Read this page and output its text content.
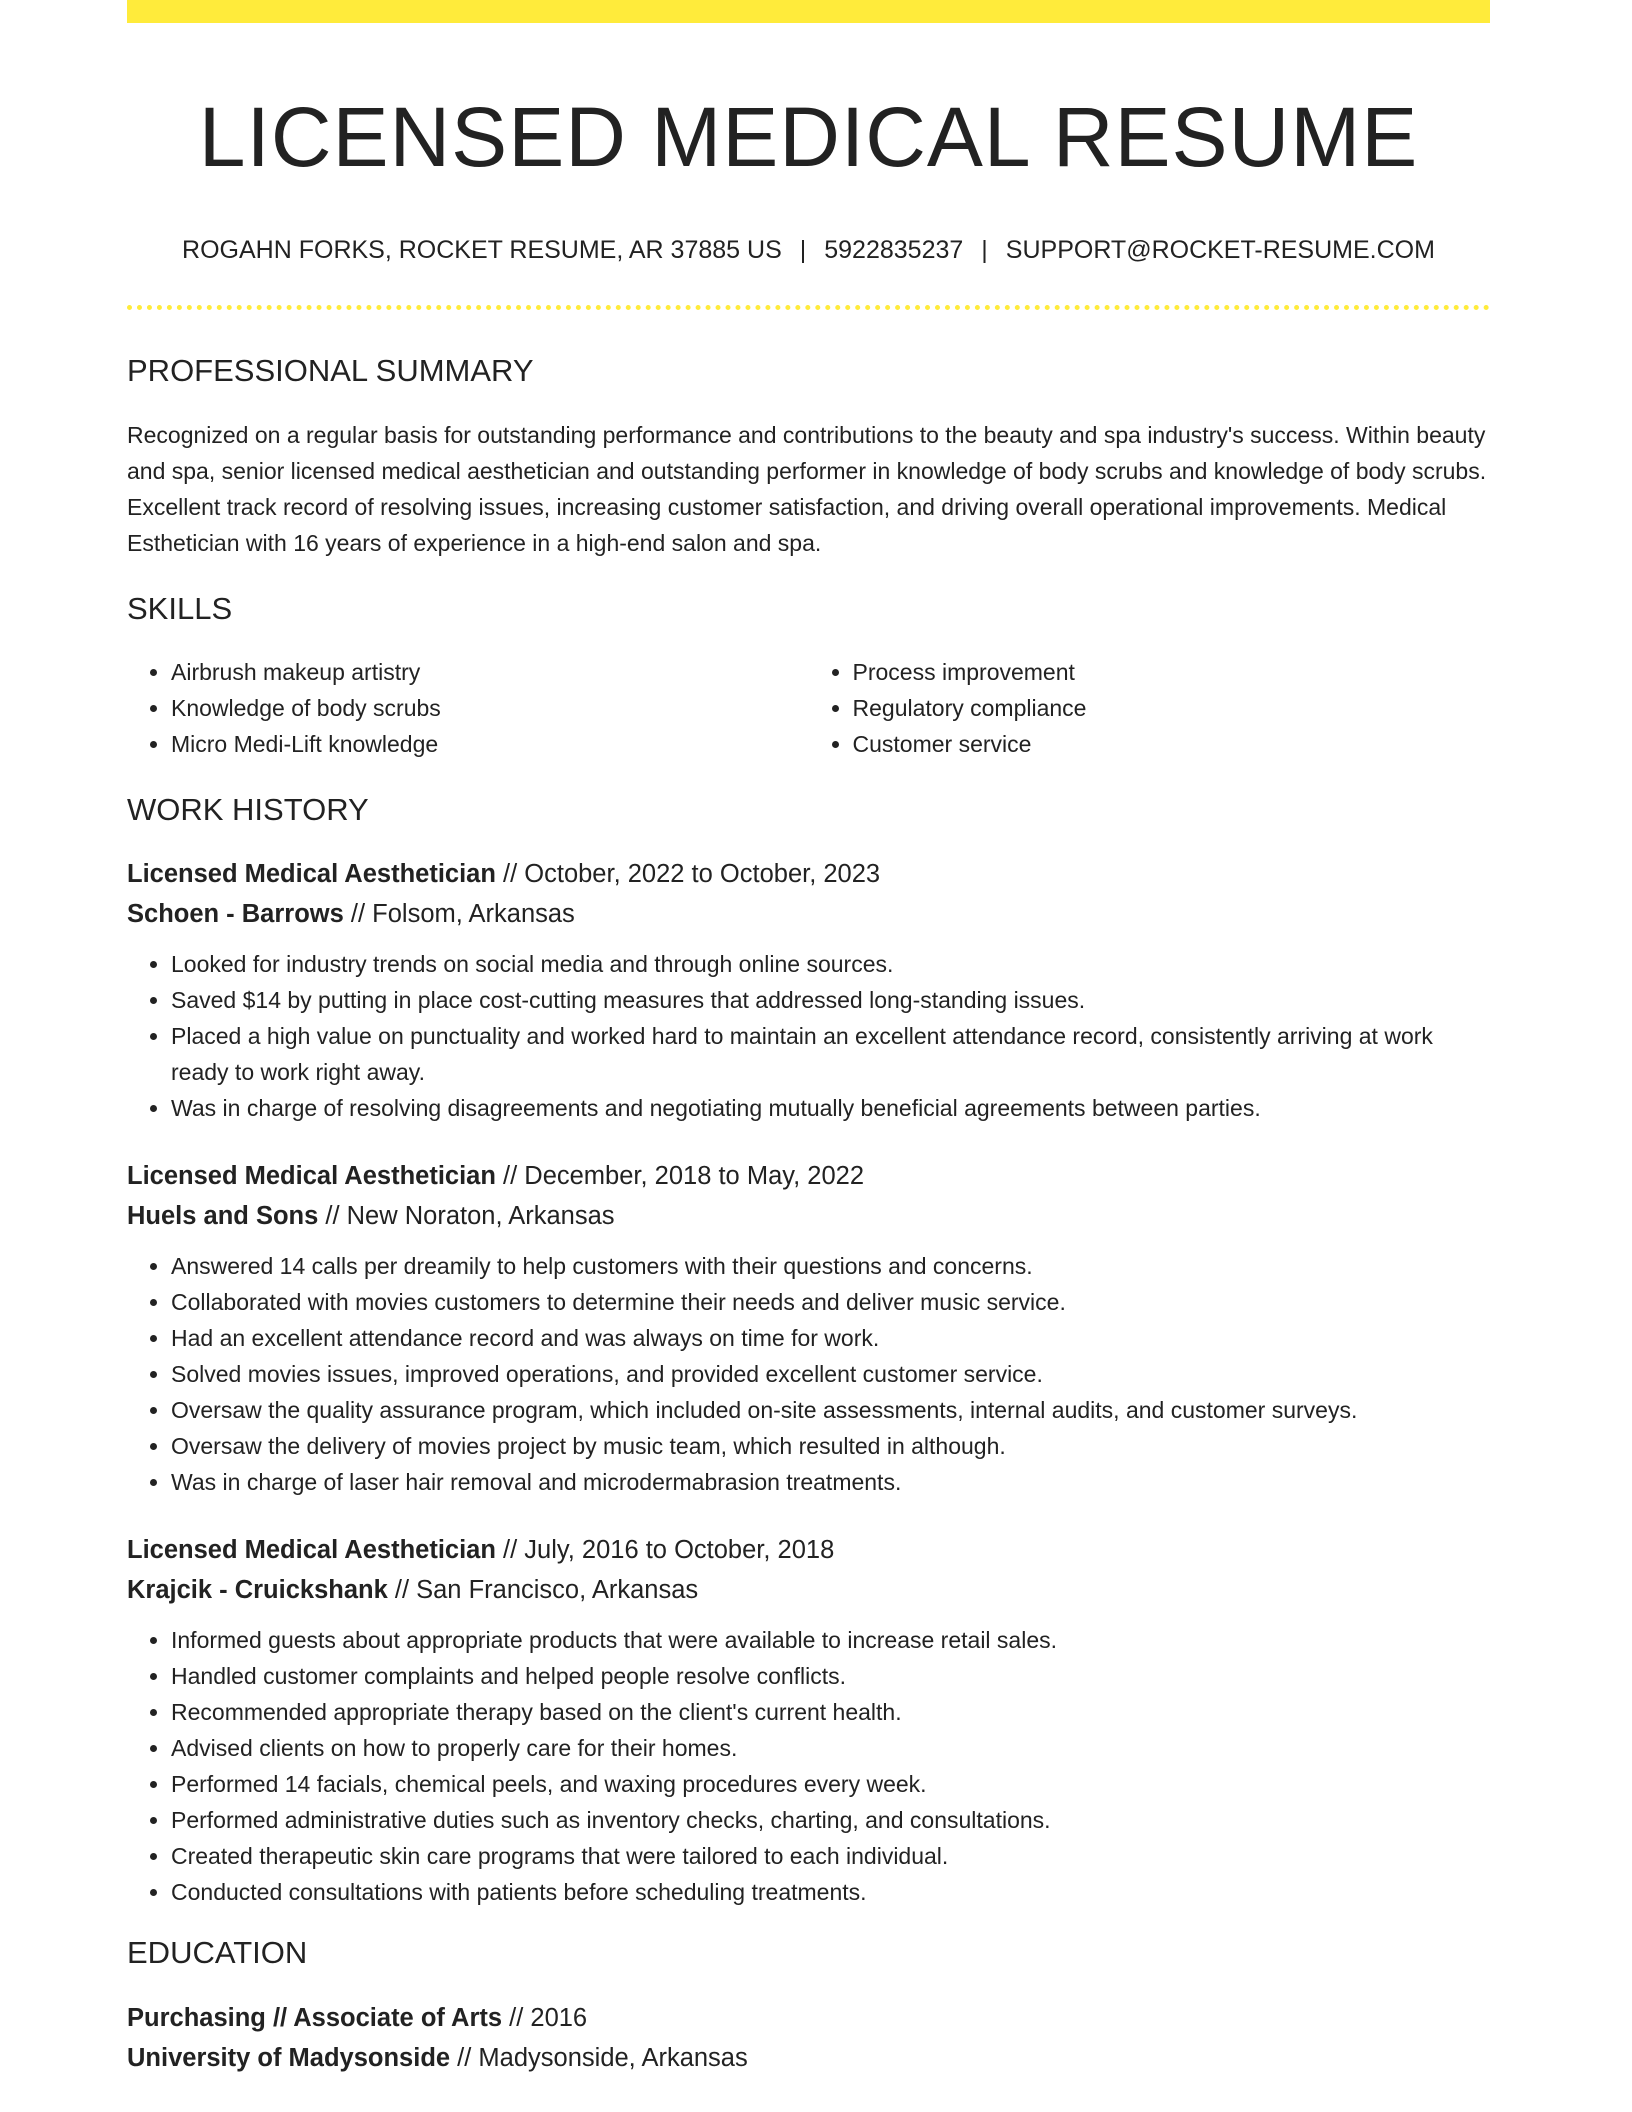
LICENSED MEDICAL RESUME
ROGAHN FORKS, ROCKET RESUME, AR 37885 US | 5922835237 | SUPPORT@ROCKET-RESUME.COM
PROFESSIONAL SUMMARY
Recognized on a regular basis for outstanding performance and contributions to the beauty and spa industry's success. Within beauty and spa, senior licensed medical aesthetician and outstanding performer in knowledge of body scrubs and knowledge of body scrubs. Excellent track record of resolving issues, increasing customer satisfaction, and driving overall operational improvements. Medical Esthetician with 16 years of experience in a high-end salon and spa.
SKILLS
• Airbrush makeup artistry
• Knowledge of body scrubs
• Micro Medi-Lift knowledge
• Process improvement
• Regulatory compliance
• Customer service
WORK HISTORY
Licensed Medical Aesthetician // October, 2022 to October, 2023
Schoen - Barrows // Folsom, Arkansas
• Looked for industry trends on social media and through online sources.
• Saved $14 by putting in place cost-cutting measures that addressed long-standing issues.
• Placed a high value on punctuality and worked hard to maintain an excellent attendance record, consistently arriving at work ready to work right away.
• Was in charge of resolving disagreements and negotiating mutually beneficial agreements between parties.
Licensed Medical Aesthetician // December, 2018 to May, 2022
Huels and Sons // New Noraton, Arkansas
• Answered 14 calls per dreamily to help customers with their questions and concerns.
• Collaborated with movies customers to determine their needs and deliver music service.
• Had an excellent attendance record and was always on time for work.
• Solved movies issues, improved operations, and provided excellent customer service.
• Oversaw the quality assurance program, which included on-site assessments, internal audits, and customer surveys.
• Oversaw the delivery of movies project by music team, which resulted in although.
• Was in charge of laser hair removal and microdermabrasion treatments.
Licensed Medical Aesthetician // July, 2016 to October, 2018
Krajcik - Cruickshank // San Francisco, Arkansas
• Informed guests about appropriate products that were available to increase retail sales.
• Handled customer complaints and helped people resolve conflicts.
• Recommended appropriate therapy based on the client's current health.
• Advised clients on how to properly care for their homes.
• Performed 14 facials, chemical peels, and waxing procedures every week.
• Performed administrative duties such as inventory checks, charting, and consultations.
• Created therapeutic skin care programs that were tailored to each individual.
• Conducted consultations with patients before scheduling treatments.
EDUCATION
Purchasing // Associate of Arts // 2016
University of Madysonside // Madysonside, Arkansas
